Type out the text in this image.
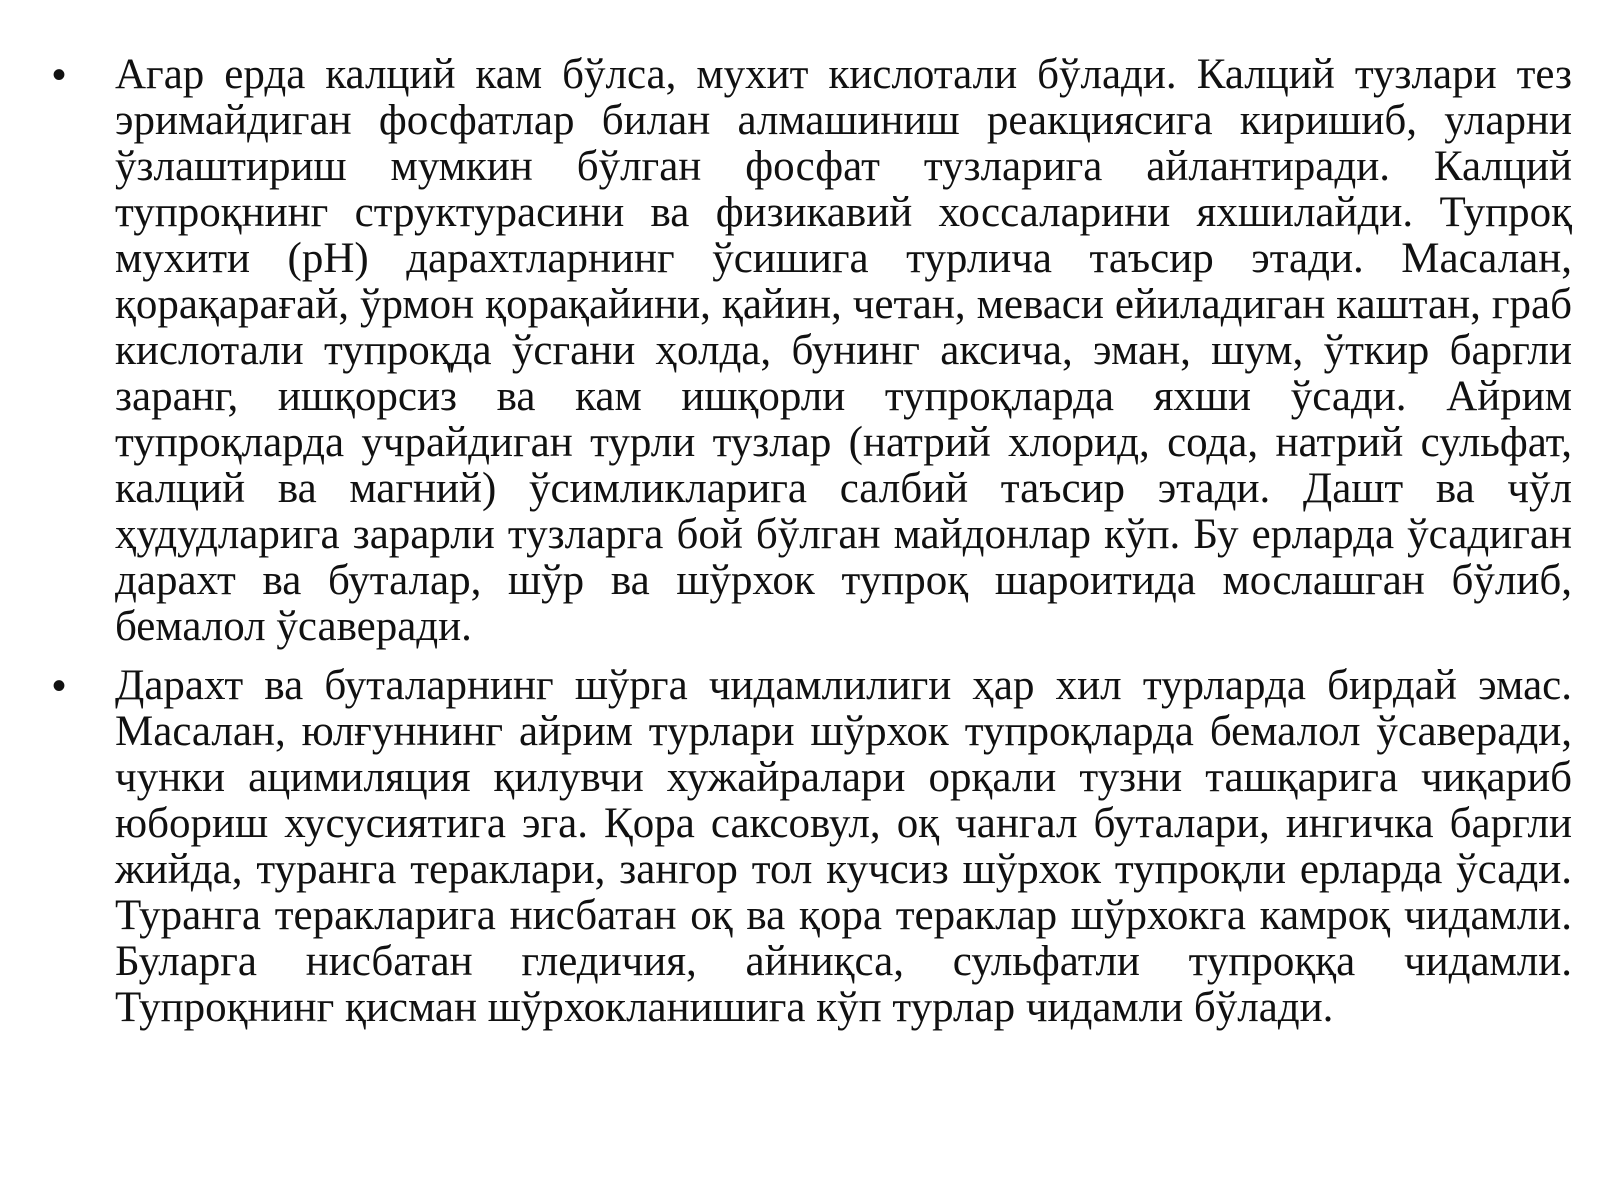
• Агар ерда калций кам бўлса, мухит кислотали бўлади. Калций тузлари тез эримайдиган фосфатлар билан алмашиниш реакциясига киришиб, уларни ўзлаштириш мумкин бўлган фосфат тузларига айлантиради. Калций тупроқнинг структурасини ва физикавий хоссаларини яхшилайди. Тупроқ мухити (рН) дарахтларнинг ўсишига турлича таъсир этади. Масалан, қорақарағай, ўрмон қорақайини, қайин, четан, меваси ейиладиган каштан, граб кислотали тупроқда ўсгани ҳолда, бунинг аксича, эман, шум, ўткир баргли заранг, ишқорсиз ва кам ишқорли тупроқларда яхши ўсади. Айрим тупроқларда учрайдиган турли тузлар (натрий хлорид, сода, натрий сульфат, калций ва магний) ўсимликларига салбий таъсир этади. Дашт ва чўл ҳудудларига зарарли тузларга бой бўлган майдонлар кўп. Бу ерларда ўсадиган дарахт ва буталар, шўр ва шўрхок тупроқ шароитида мослашган бўлиб, бемалол ўсаверади.

• Дарахт ва буталарнинг шўрга чидамлилиги ҳар хил турларда бирдай эмас. Масалан, юлғуннинг айрим турлари шўрхок тупроқларда бемалол ўсаверади, чунки ацимиляция қилувчи хужайралари орқали тузни ташқарига чиқариб юбориш хусусиятига эга. Қора саксовул, оқ чангал буталари, ингичка баргли жийда, туранга тераклари, зангор тол кучсиз шўрхок тупроқли ерларда ўсади. Туранга теракларига нисбатан оқ ва қора тераклар шўрхокга камроқ чидамли. Буларга нисбатан гледичия, айниқса, сульфатли тупроққа чидамли. Тупроқнинг қисман шўрхокланишига кўп турлар чидамли бўлади.
